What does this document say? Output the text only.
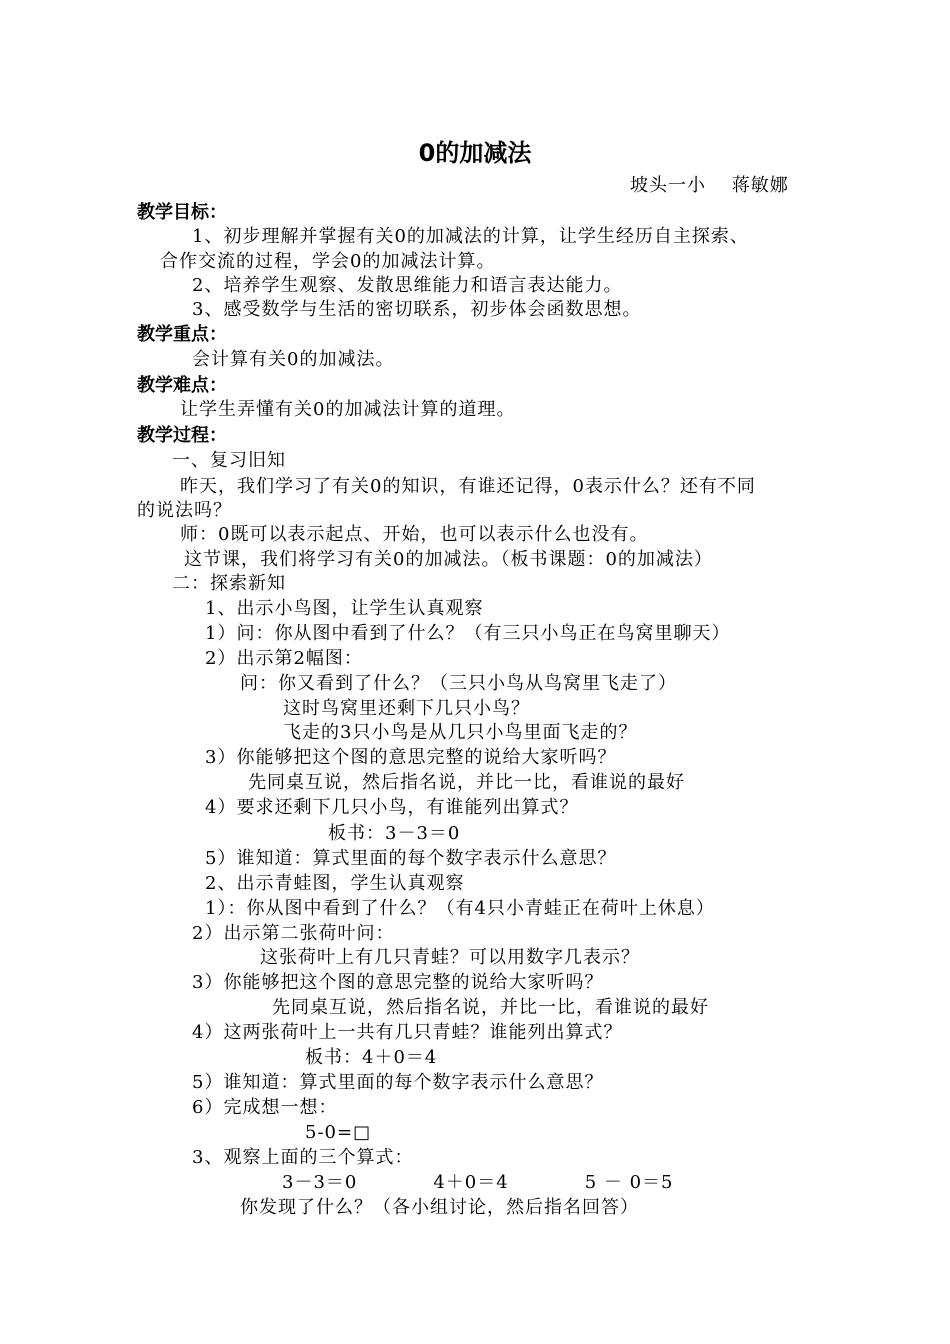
0的加减法
坡头一小　 蒋敏娜
教学目标：
1、初步理解并掌握有关0的加减法的计算，让学生经历自主探索、
合作交流的过程，学会0的加减法计算。
2、培养学生观察、发散思维能力和语言表达能力。
3、感受数学与生活的密切联系，初步体会函数思想。
教学重点：
会计算有关0的加减法。
教学难点：
让学生弄懂有关0的加减法计算的道理。
教学过程：
一、复习旧知
昨天，我们学习了有关0的知识，有谁还记得，0表示什么？还有不同
的说法吗？
师：0既可以表示起点、开始，也可以表示什么也没有。
这节课，我们将学习有关0的加减法。（板书课题：0的加减法）
二：探索新知
1、出示小鸟图，让学生认真观察
1）问：你从图中看到了什么？（有三只小鸟正在鸟窝里聊天）
2）出示第2幅图：
问：你又看到了什么？（三只小鸟从鸟窝里飞走了）
这时鸟窝里还剩下几只小鸟？
飞走的3只小鸟是从几只小鸟里面飞走的？
3）你能够把这个图的意思完整的说给大家听吗？
先同桌互说，然后指名说，并比一比，看谁说的最好
4）要求还剩下几只小鸟，有谁能列出算式？
板书：3－3＝0
5）谁知道：算式里面的每个数字表示什么意思？
2、出示青蛙图，学生认真观察
1）：你从图中看到了什么？（有4只小青蛙正在荷叶上休息）
2）出示第二张荷叶问：
这张荷叶上有几只青蛙？可以用数字几表示？
3）你能够把这个图的意思完整的说给大家听吗？
先同桌互说，然后指名说，并比一比，看谁说的最好
4）这两张荷叶上一共有几只青蛙？谁能列出算式？
板书：4＋0＝4
5）谁知道：算式里面的每个数字表示什么意思？
6）完成想一想：
5-0=□
3、观察上面的三个算式：
3－3＝0　　　　4＋0＝4　　　　5 － 0＝5
你发现了什么？（各小组讨论，然后指名回答）
